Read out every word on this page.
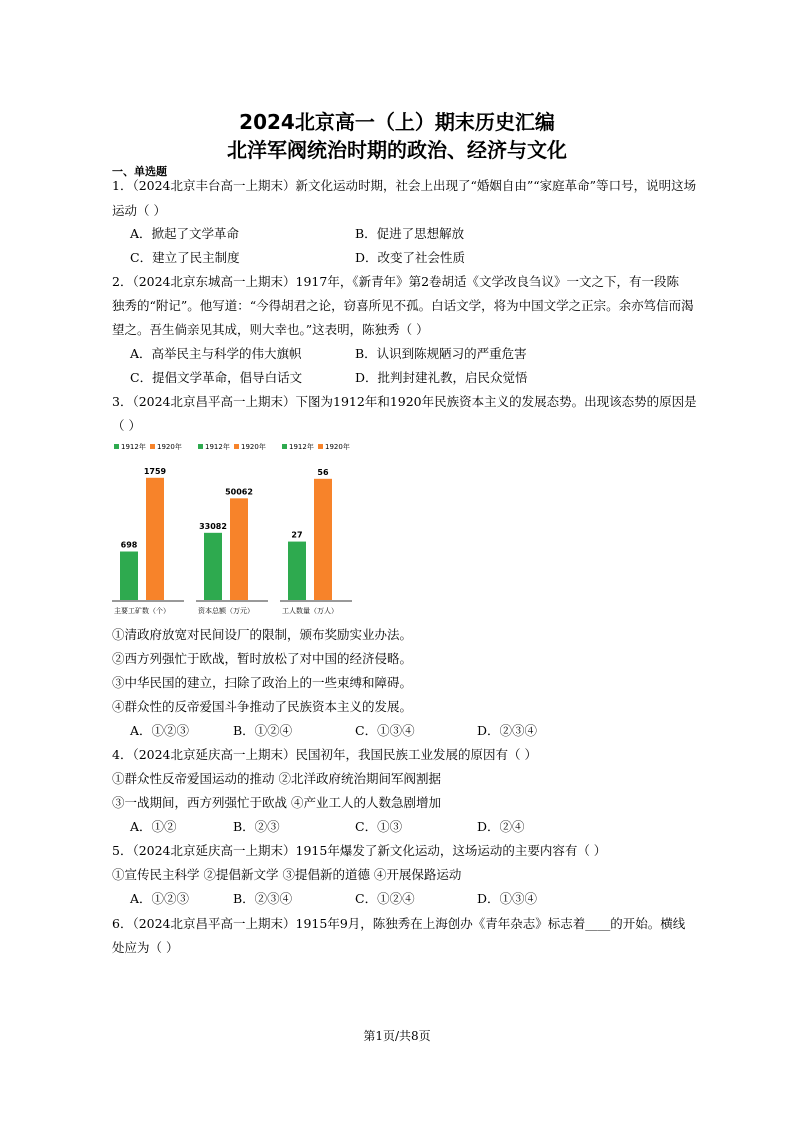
2024北京高一（上）期末历史汇编
北洋军阀统治时期的政治、经济与文化
一、单选题
1．（2024北京丰台高一上期末）新文化运动时期，社会上出现了“婚姻自由”“家庭革命”等口号，说明这场
运动（ ）
A．掀起了文学革命	B．促进了思想解放
C．建立了民主制度	D．改变了社会性质
2．（2024北京东城高一上期末）1917年，《新青年》第2卷胡适《文学改良刍议》一文之下，有一段陈
独秀的“附记”。他写道：“今得胡君之论，窃喜所见不孤。白话文学，将为中国文学之正宗。余亦笃信而渴
望之。吾生倘亲见其成，则大幸也。”这表明，陈独秀（ ）
A．高举民主与科学的伟大旗帜	B．认识到陈规陋习的严重危害
C．提倡文学革命，倡导白话文	D．批判封建礼教，启民众觉悟
3．（2024北京昌平高一上期末）下图为1912年和1920年民族资本主义的发展态势。出现该态势的原因是
（ ）
1912年 1920年
698
1759
主要工矿数（个）
1912年 1920年
33082
50062
资本总额（万元）
1912年 1920年
27
56
工人数量（万人）
①清政府放宽对民间设厂的限制，颁布奖励实业办法。
②西方列强忙于欧战，暂时放松了对中国的经济侵略。
③中华民国的建立，扫除了政治上的一些束缚和障碍。
④群众性的反帝爱国斗争推动了民族资本主义的发展。
A．①②③	B．①②④	C．①③④	D．②③④
4．（2024北京延庆高一上期末）民国初年，我国民族工业发展的原因有（ ）
①群众性反帝爱国运动的推动 ②北洋政府统治期间军阀割据
③一战期间，西方列强忙于欧战 ④产业工人的人数急剧增加
A．①②	B．②③	C．①③	D．②④
5．（2024北京延庆高一上期末）1915年爆发了新文化运动，这场运动的主要内容有（ ）
①宣传民主科学 ②提倡新文学 ③提倡新的道德 ④开展保路运动
A．①②③	B．②③④	C．①②④	D．①③④
6．（2024北京昌平高一上期末）1915年9月，陈独秀在上海创办《青年杂志》标志着____的开始。横线
处应为（ ）
第1页/共8页
